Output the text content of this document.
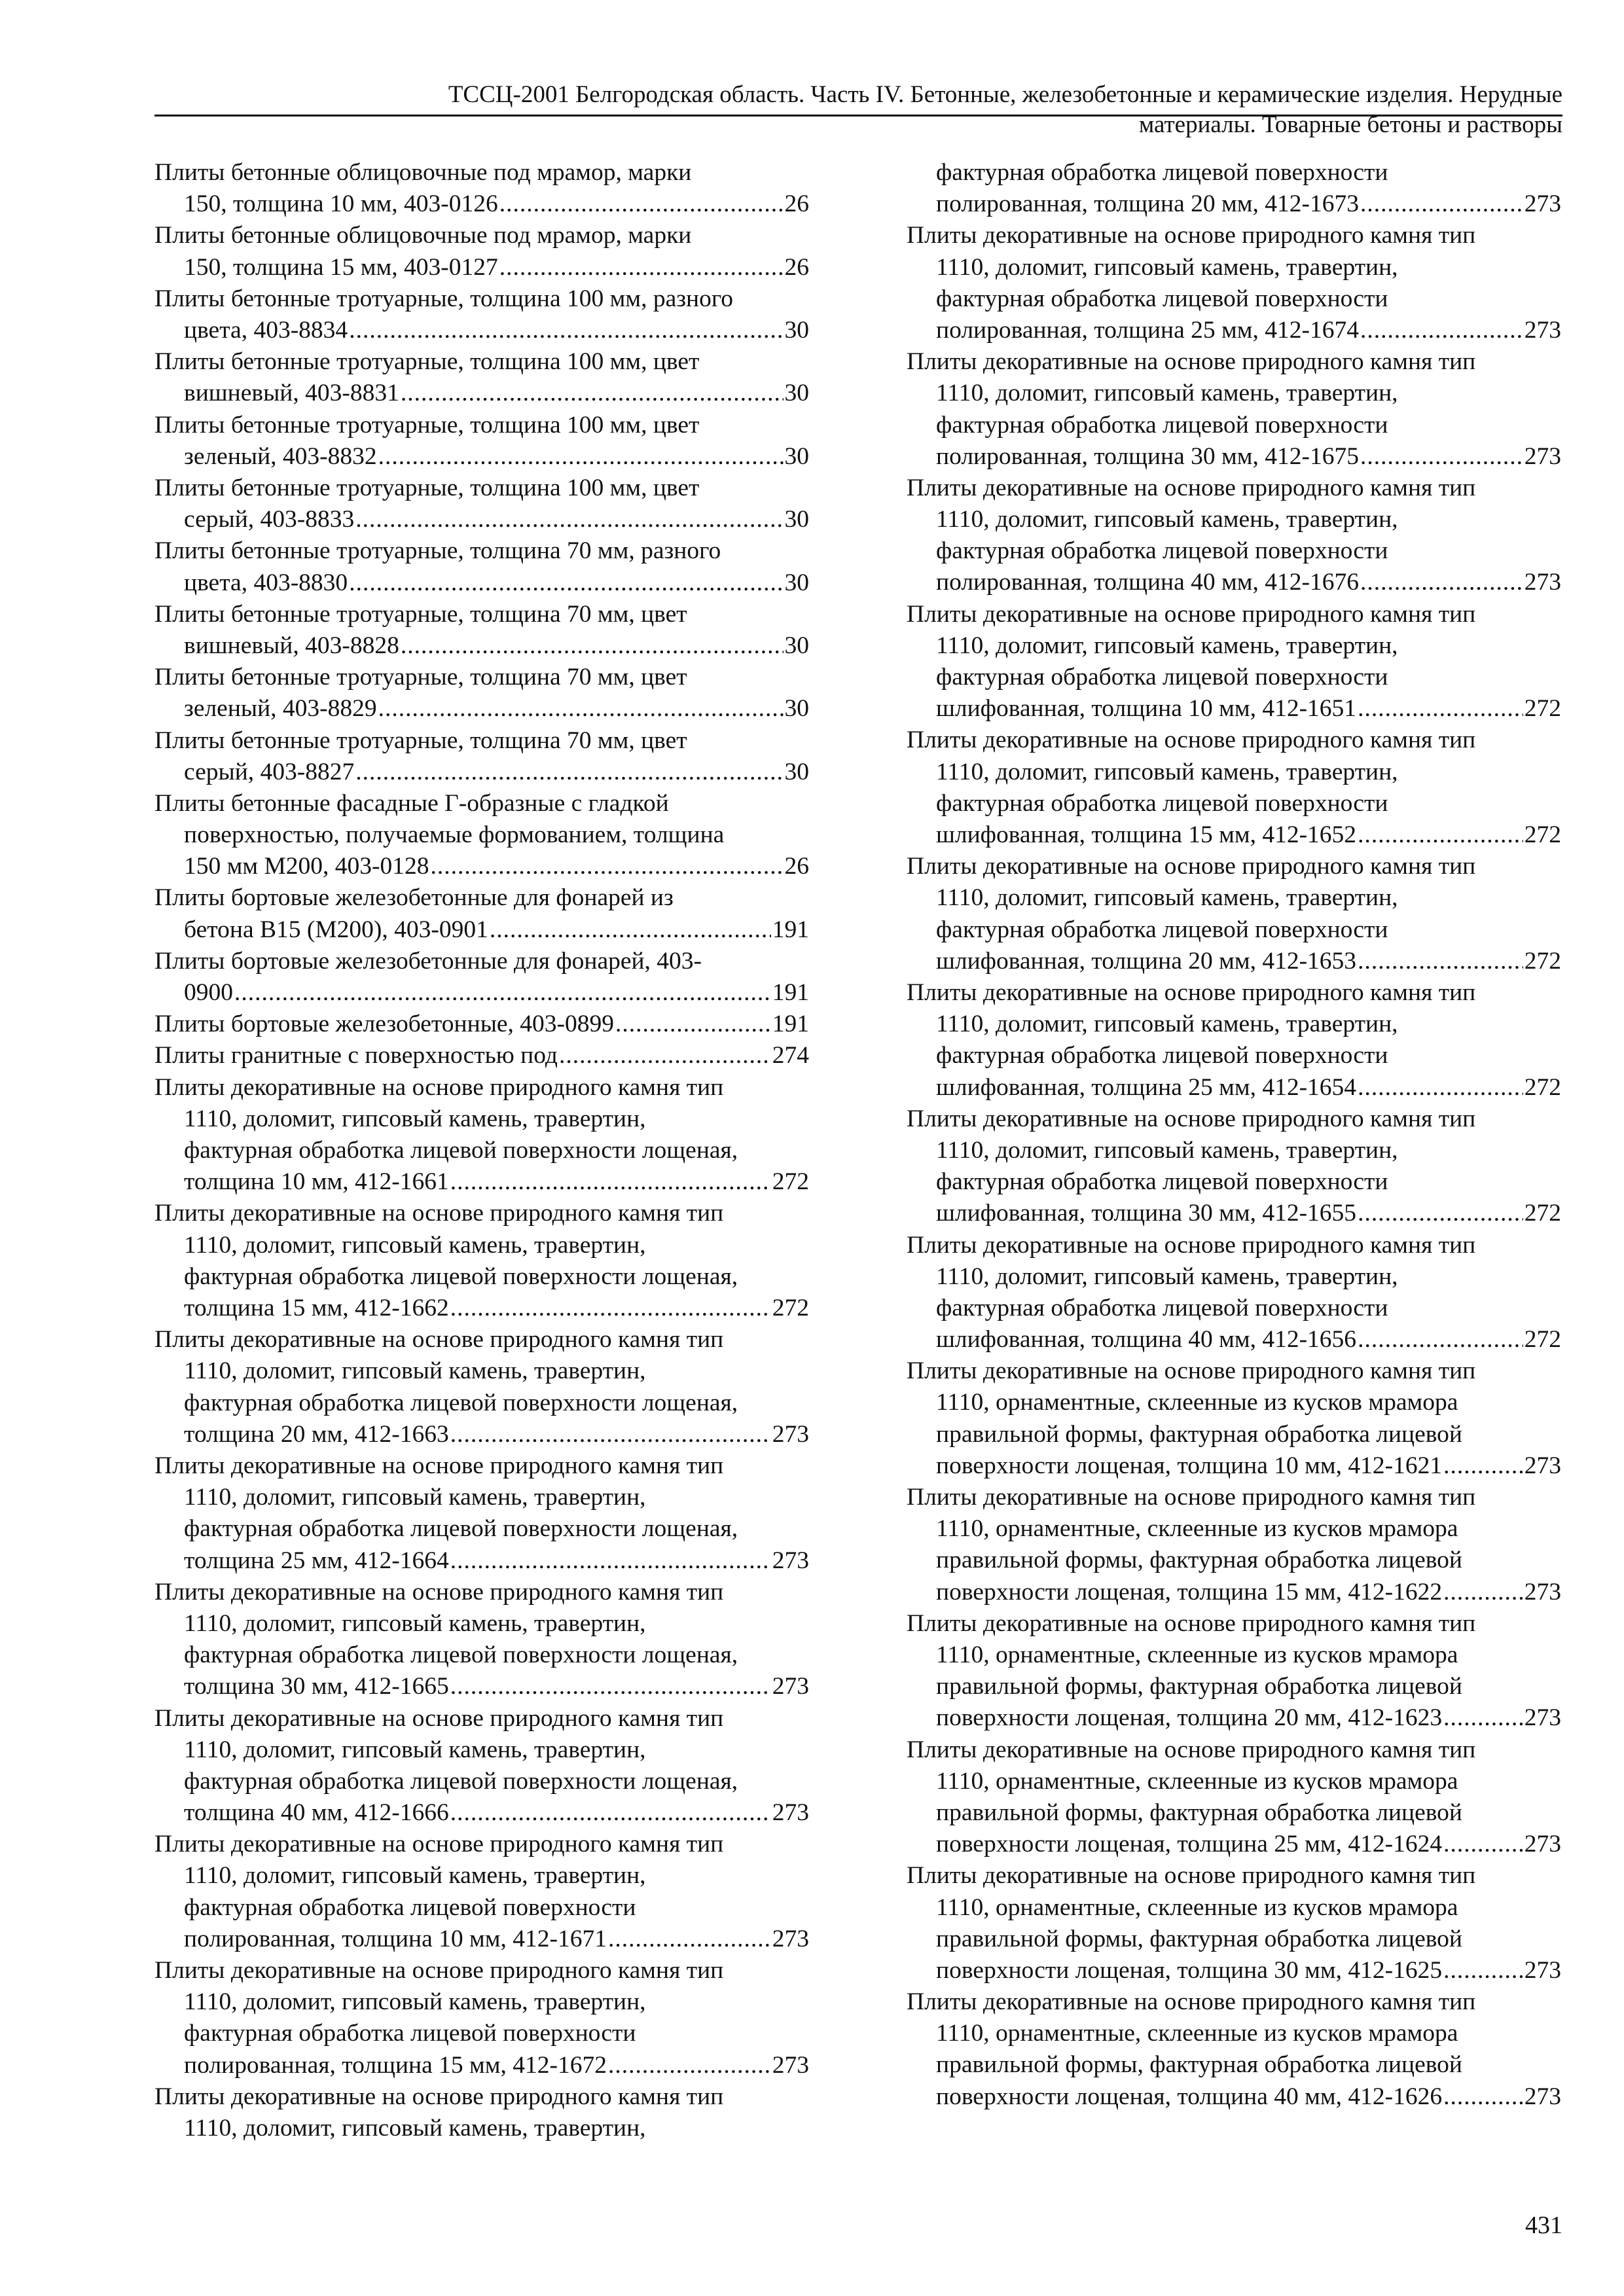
ТССЦ-2001 Белгородская область. Часть IV. Бетонные, железобетонные и керамические изделия. Нерудные
материалы. Товарные бетоны и растворы
Плиты бетонные облицовочные под мрамор, марки
150, толщина 10 мм, 403-0126 .....	26
Плиты бетонные облицовочные под мрамор, марки
150, толщина 15 мм, 403-0127 .....	26
Плиты бетонные тротуарные, толщина 100 мм, разного
цвета, 403-8834 .....	30
Плиты бетонные тротуарные, толщина 100 мм, цвет
вишневый, 403-8831 .....	30
Плиты бетонные тротуарные, толщина 100 мм, цвет
зеленый, 403-8832 .....	30
Плиты бетонные тротуарные, толщина 100 мм, цвет
серый, 403-8833 .....	30
Плиты бетонные тротуарные, толщина 70 мм, разного
цвета, 403-8830 .....	30
Плиты бетонные тротуарные, толщина 70 мм, цвет
вишневый, 403-8828 .....	30
Плиты бетонные тротуарные, толщина 70 мм, цвет
зеленый, 403-8829 .....	30
Плиты бетонные тротуарные, толщина 70 мм, цвет
серый, 403-8827 .....	30
Плиты бетонные фасадные Г-образные с гладкой
поверхностью, получаемые формованием, толщина
150 мм М200, 403-0128 .....	26
Плиты бортовые железобетонные для фонарей из
бетона В15 (М200), 403-0901 .....	191
Плиты бортовые железобетонные для фонарей, 403-
0900 .....	191
Плиты бортовые железобетонные, 403-0899 .....	191
Плиты гранитные с поверхностью под .....	274
Плиты декоративные на основе природного камня тип
1110, доломит, гипсовый камень, травертин,
фактурная обработка лицевой поверхности лощеная,
толщина 10 мм, 412-1661 .....	272
Плиты декоративные на основе природного камня тип
1110, доломит, гипсовый камень, травертин,
фактурная обработка лицевой поверхности лощеная,
толщина 15 мм, 412-1662 .....	272
Плиты декоративные на основе природного камня тип
1110, доломит, гипсовый камень, травертин,
фактурная обработка лицевой поверхности лощеная,
толщина 20 мм, 412-1663 .....	273
Плиты декоративные на основе природного камня тип
1110, доломит, гипсовый камень, травертин,
фактурная обработка лицевой поверхности лощеная,
толщина 25 мм, 412-1664 .....	273
Плиты декоративные на основе природного камня тип
1110, доломит, гипсовый камень, травертин,
фактурная обработка лицевой поверхности лощеная,
толщина 30 мм, 412-1665 .....	273
Плиты декоративные на основе природного камня тип
1110, доломит, гипсовый камень, травертин,
фактурная обработка лицевой поверхности лощеная,
толщина 40 мм, 412-1666 .....	273
Плиты декоративные на основе природного камня тип
1110, доломит, гипсовый камень, травертин,
фактурная обработка лицевой поверхности
полированная, толщина 10 мм, 412-1671 .....	273
Плиты декоративные на основе природного камня тип
1110, доломит, гипсовый камень, травертин,
фактурная обработка лицевой поверхности
полированная, толщина 15 мм, 412-1672 .....	273
Плиты декоративные на основе природного камня тип
1110, доломит, гипсовый камень, травертин,
фактурная обработка лицевой поверхности
полированная, толщина 20 мм, 412-1673 .....	273
Плиты декоративные на основе природного камня тип
1110, доломит, гипсовый камень, травертин,
фактурная обработка лицевой поверхности
полированная, толщина 25 мм, 412-1674 .....	273
Плиты декоративные на основе природного камня тип
1110, доломит, гипсовый камень, травертин,
фактурная обработка лицевой поверхности
полированная, толщина 30 мм, 412-1675 .....	273
Плиты декоративные на основе природного камня тип
1110, доломит, гипсовый камень, травертин,
фактурная обработка лицевой поверхности
полированная, толщина 40 мм, 412-1676 .....	273
Плиты декоративные на основе природного камня тип
1110, доломит, гипсовый камень, травертин,
фактурная обработка лицевой поверхности
шлифованная, толщина 10 мм, 412-1651 .....	272
Плиты декоративные на основе природного камня тип
1110, доломит, гипсовый камень, травертин,
фактурная обработка лицевой поверхности
шлифованная, толщина 15 мм, 412-1652 .....	272
Плиты декоративные на основе природного камня тип
1110, доломит, гипсовый камень, травертин,
фактурная обработка лицевой поверхности
шлифованная, толщина 20 мм, 412-1653 .....	272
Плиты декоративные на основе природного камня тип
1110, доломит, гипсовый камень, травертин,
фактурная обработка лицевой поверхности
шлифованная, толщина 25 мм, 412-1654 .....	272
Плиты декоративные на основе природного камня тип
1110, доломит, гипсовый камень, травертин,
фактурная обработка лицевой поверхности
шлифованная, толщина 30 мм, 412-1655 .....	272
Плиты декоративные на основе природного камня тип
1110, доломит, гипсовый камень, травертин,
фактурная обработка лицевой поверхности
шлифованная, толщина 40 мм, 412-1656 .....	272
Плиты декоративные на основе природного камня тип
1110, орнаментные, склеенные из кусков мрамора
правильной формы, фактурная обработка лицевой
поверхности лощеная, толщина 10 мм, 412-1621 .....	273
Плиты декоративные на основе природного камня тип
1110, орнаментные, склеенные из кусков мрамора
правильной формы, фактурная обработка лицевой
поверхности лощеная, толщина 15 мм, 412-1622 .....	273
Плиты декоративные на основе природного камня тип
1110, орнаментные, склеенные из кусков мрамора
правильной формы, фактурная обработка лицевой
поверхности лощеная, толщина 20 мм, 412-1623 .....	273
Плиты декоративные на основе природного камня тип
1110, орнаментные, склеенные из кусков мрамора
правильной формы, фактурная обработка лицевой
поверхности лощеная, толщина 25 мм, 412-1624 .....	273
Плиты декоративные на основе природного камня тип
1110, орнаментные, склеенные из кусков мрамора
правильной формы, фактурная обработка лицевой
поверхности лощеная, толщина 30 мм, 412-1625 .....	273
Плиты декоративные на основе природного камня тип
1110, орнаментные, склеенные из кусков мрамора
правильной формы, фактурная обработка лицевой
поверхности лощеная, толщина 40 мм, 412-1626 .....	273
431
